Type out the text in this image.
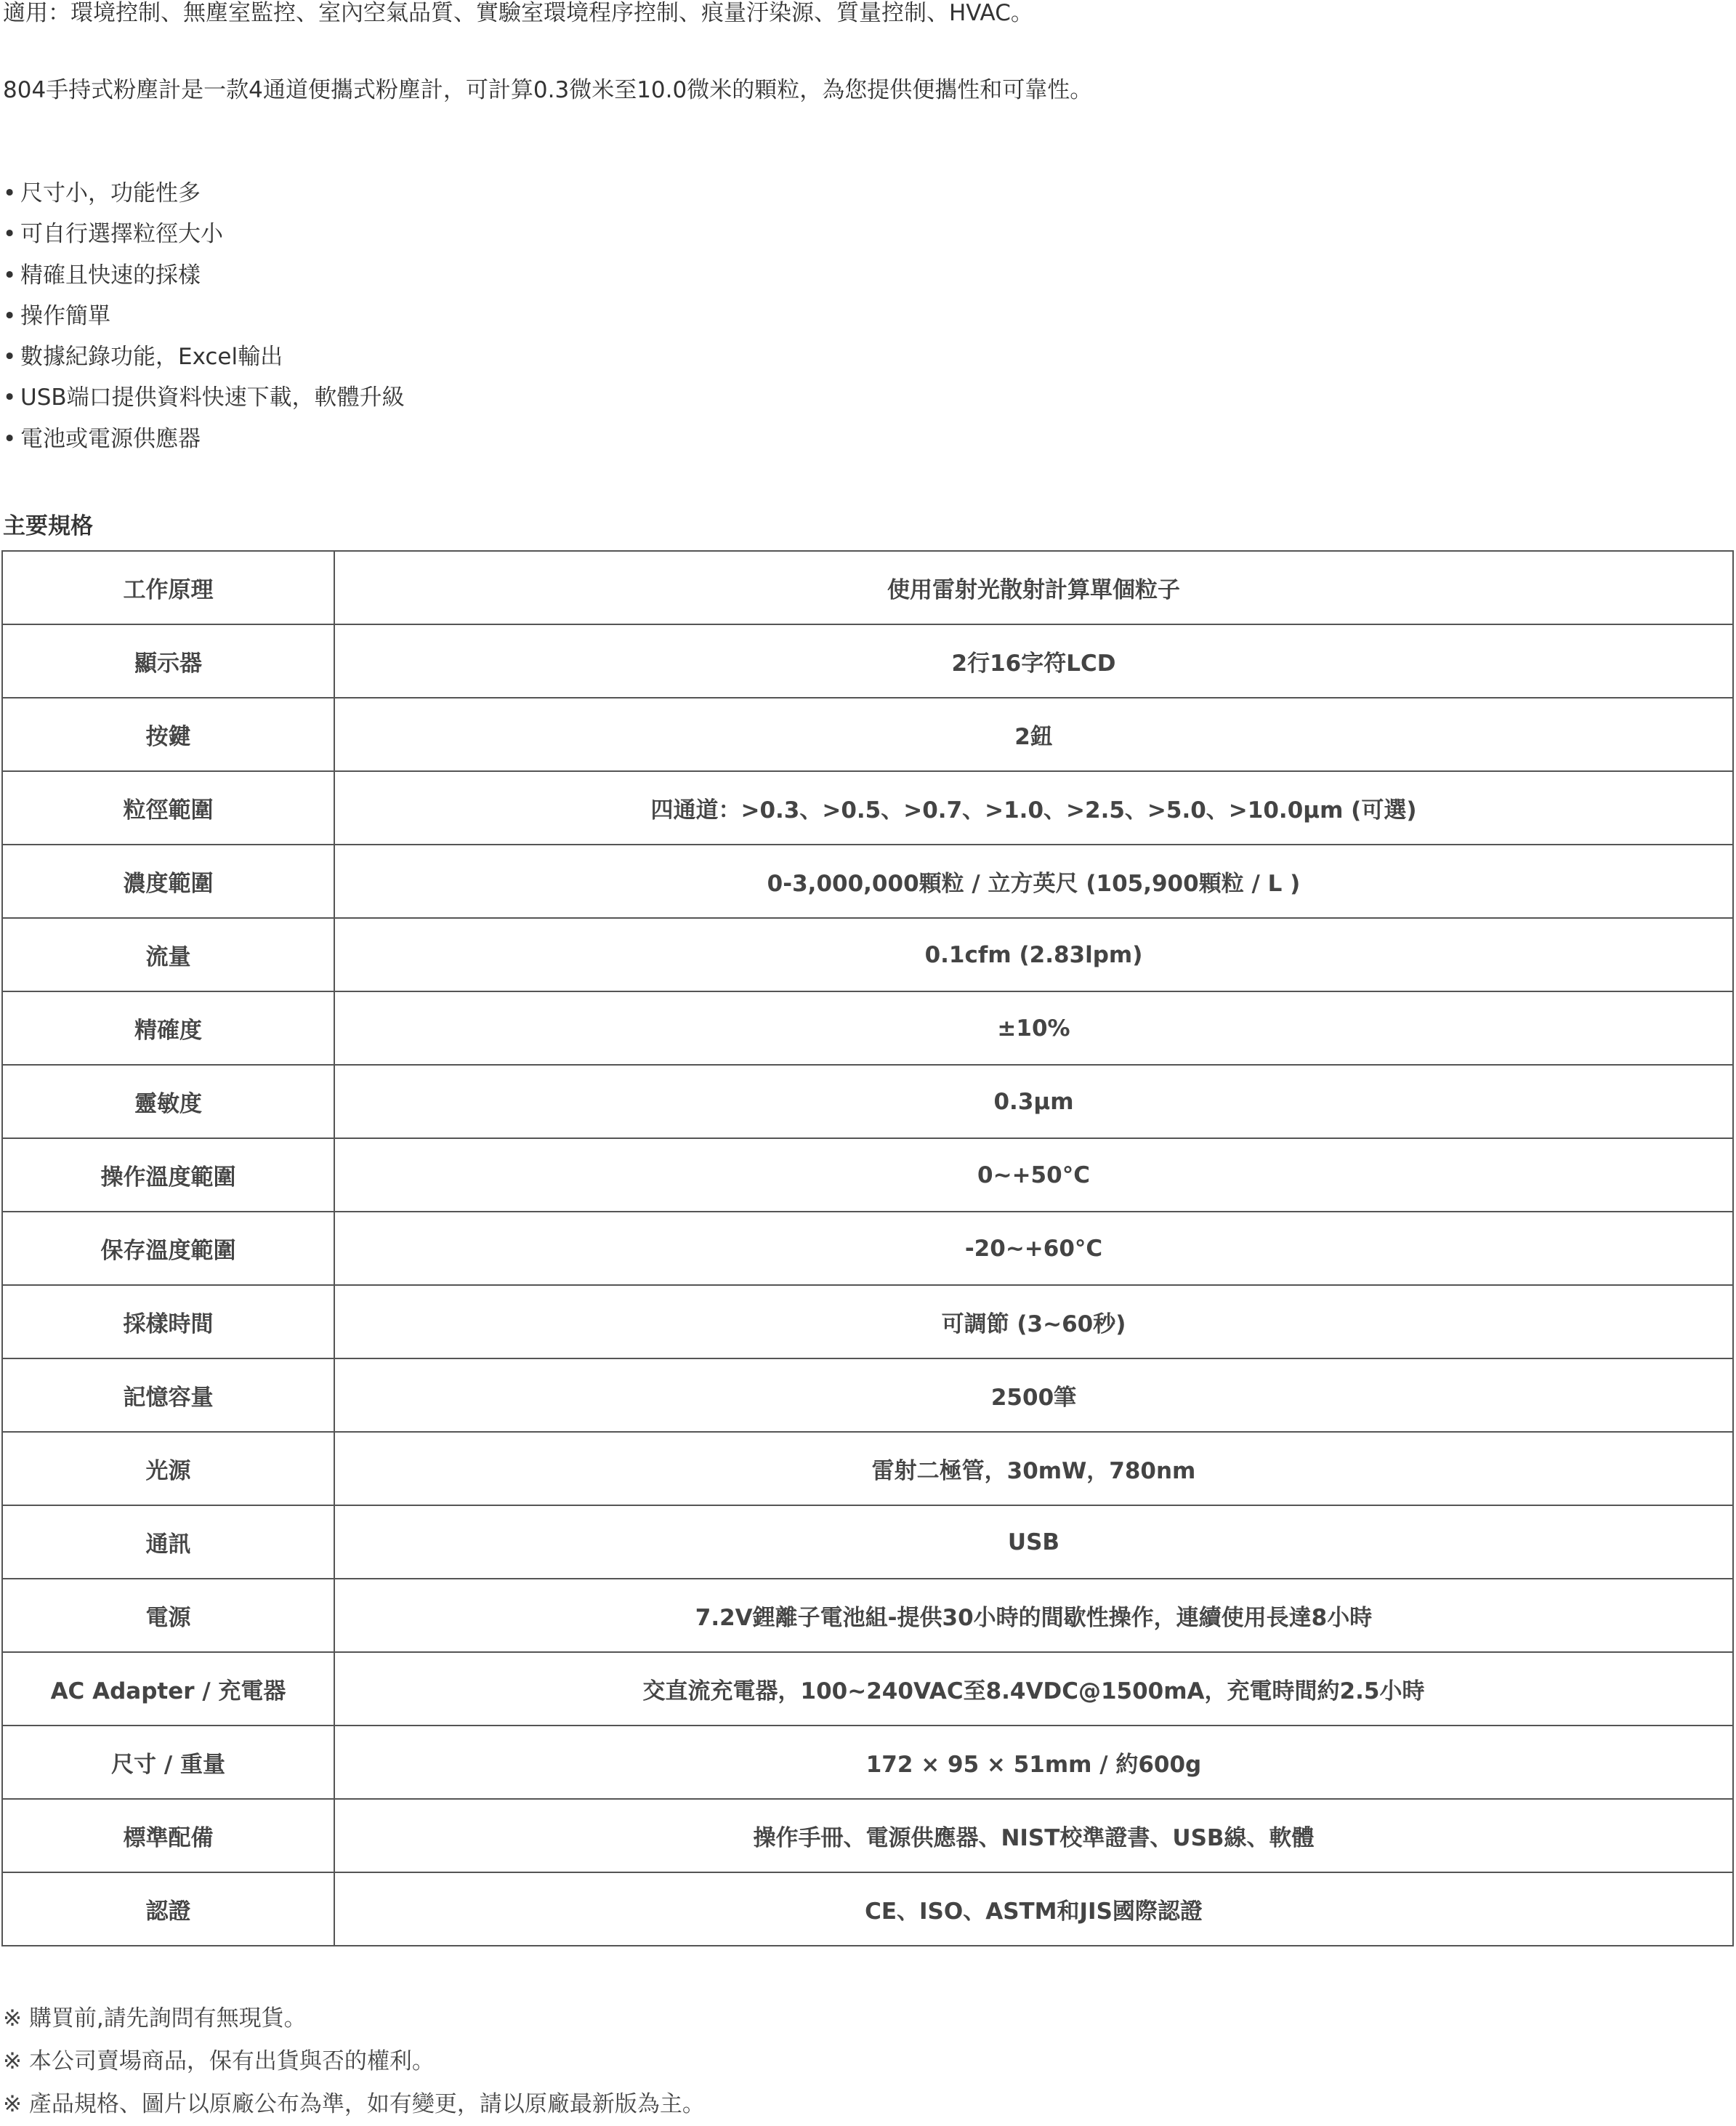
適用：環境控制、無塵室監控、室內空氣品質、實驗室環境程序控制、痕量汙染源、質量控制、HVAC。

804手持式粉塵計是一款4通道便攜式粉塵計，可計算0.3微米至10.0微米的顆粒，為您提供便攜性和可靠性。

• 尺寸小，功能性多
• 可自行選擇粒徑大小
• 精確且快速的採樣
• 操作簡單
• 數據紀錄功能，Excel輸出
• USB端口提供資料快速下載，軟體升級
• 電池或電源供應器
主要規格
工作原理	使用雷射光散射計算單個粒子
顯示器	2行16字符LCD
按鍵	2鈕
粒徑範圍	四通道：>0.3、>0.5、>0.7、>1.0、>2.5、>5.0、>10.0μm (可選)
濃度範圍	0-3,000,000顆粒 / 立方英尺 (105,900顆粒 / L )
流量	0.1cfm (2.83lpm)
精確度	±10%
靈敏度	0.3μm
操作溫度範圍	0~+50°C
保存溫度範圍	-20~+60°C
採樣時間	可調節 (3~60秒)
記憶容量	2500筆
光源	雷射二極管，30mW，780nm
通訊	USB
電源	7.2V鋰離子電池組-提供30小時的間歇性操作，連續使用長達8小時
AC Adapter / 充電器	交直流充電器，100~240VAC至8.4VDC@1500mA，充電時間約2.5小時
尺寸 / 重量	172 × 95 × 51mm / 約600g
標準配備	操作手冊、電源供應器、NIST校準證書、USB線、軟體
認證	CE、ISO、ASTM和JIS國際認證
※ 購買前,請先詢問有無現貨。
※ 本公司賣場商品，保有出貨與否的權利。
※ 產品規格、圖片以原廠公布為準，如有變更，請以原廠最新版為主。
